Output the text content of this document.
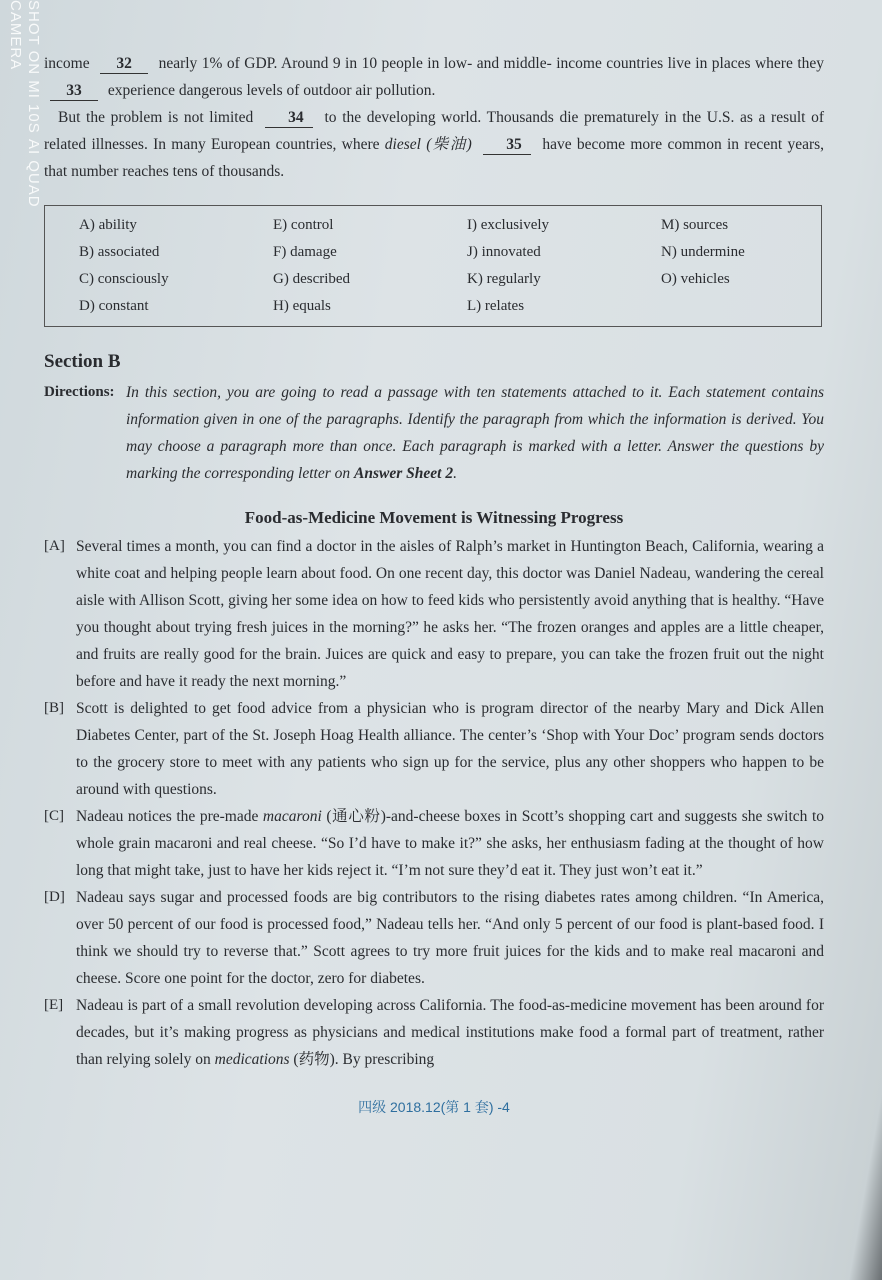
SHOT ON MI 10S AI QUAD CAMERA	income 32 nearly 1% of GDP. Around 9 in 10 people in low- and middle- income countries live in places where they 33 experience dangerous levels of outdoor air pollution.
But the problem is not limited 34 to the developing world. Thousands die prematurely in the U.S. as a result of related illnesses. In many European countries, where diesel (柴油) 35 have become more common in recent years, that number reaches tens of thousands.
A) ability
B) associated
C) consciously
D) constant
E) control
F) damage
G) described
H) equals
I) exclusively
J) innovated
K) regularly
L) relates
M) sources
N) undermine
O) vehicles
Section B
Directions: In this section, you are going to read a passage with ten statements attached to it. Each statement contains information given in one of the paragraphs. Identify the paragraph from which the information is derived. You may choose a paragraph more than once. Each paragraph is marked with a letter. Answer the questions by marking the corresponding letter on Answer Sheet 2.
Food-as-Medicine Movement is Witnessing Progress
[A] Several times a month, you can find a doctor in the aisles of Ralph’s market in Huntington Beach, California, wearing a white coat and helping people learn about food. On one recent day, this doctor was Daniel Nadeau, wandering the cereal aisle with Allison Scott, giving her some idea on how to feed kids who persistently avoid anything that is healthy. “Have you thought about trying fresh juices in the morning?” he asks her. “The frozen oranges and apples are a little cheaper, and fruits are really good for the brain. Juices are quick and easy to prepare, you can take the frozen fruit out the night before and have it ready the next morning.”
[B] Scott is delighted to get food advice from a physician who is program director of the nearby Mary and Dick Allen Diabetes Center, part of the St. Joseph Hoag Health alliance. The center’s ‘Shop with Your Doc’ program sends doctors to the grocery store to meet with any patients who sign up for the service, plus any other shoppers who happen to be around with questions.
[C] Nadeau notices the pre-made macaroni (通心粉)-and-cheese boxes in Scott’s shopping cart and suggests she switch to whole grain macaroni and real cheese. “So I’d have to make it?” she asks, her enthusiasm fading at the thought of how long that might take, just to have her kids reject it. “I’m not sure they’d eat it. They just won’t eat it.”
[D] Nadeau says sugar and processed foods are big contributors to the rising diabetes rates among children. “In America, over 50 percent of our food is processed food,” Nadeau tells her. “And only 5 percent of our food is plant-based food. I think we should try to reverse that.” Scott agrees to try more fruit juices for the kids and to make real macaroni and cheese. Score one point for the doctor, zero for diabetes.
[E] Nadeau is part of a small revolution developing across California. The food-as-medicine movement has been around for decades, but it’s making progress as physicians and medical institutions make food a formal part of treatment, rather than relying solely on medications (药物). By prescribing
四级 2018.12(第 1 套) -4
